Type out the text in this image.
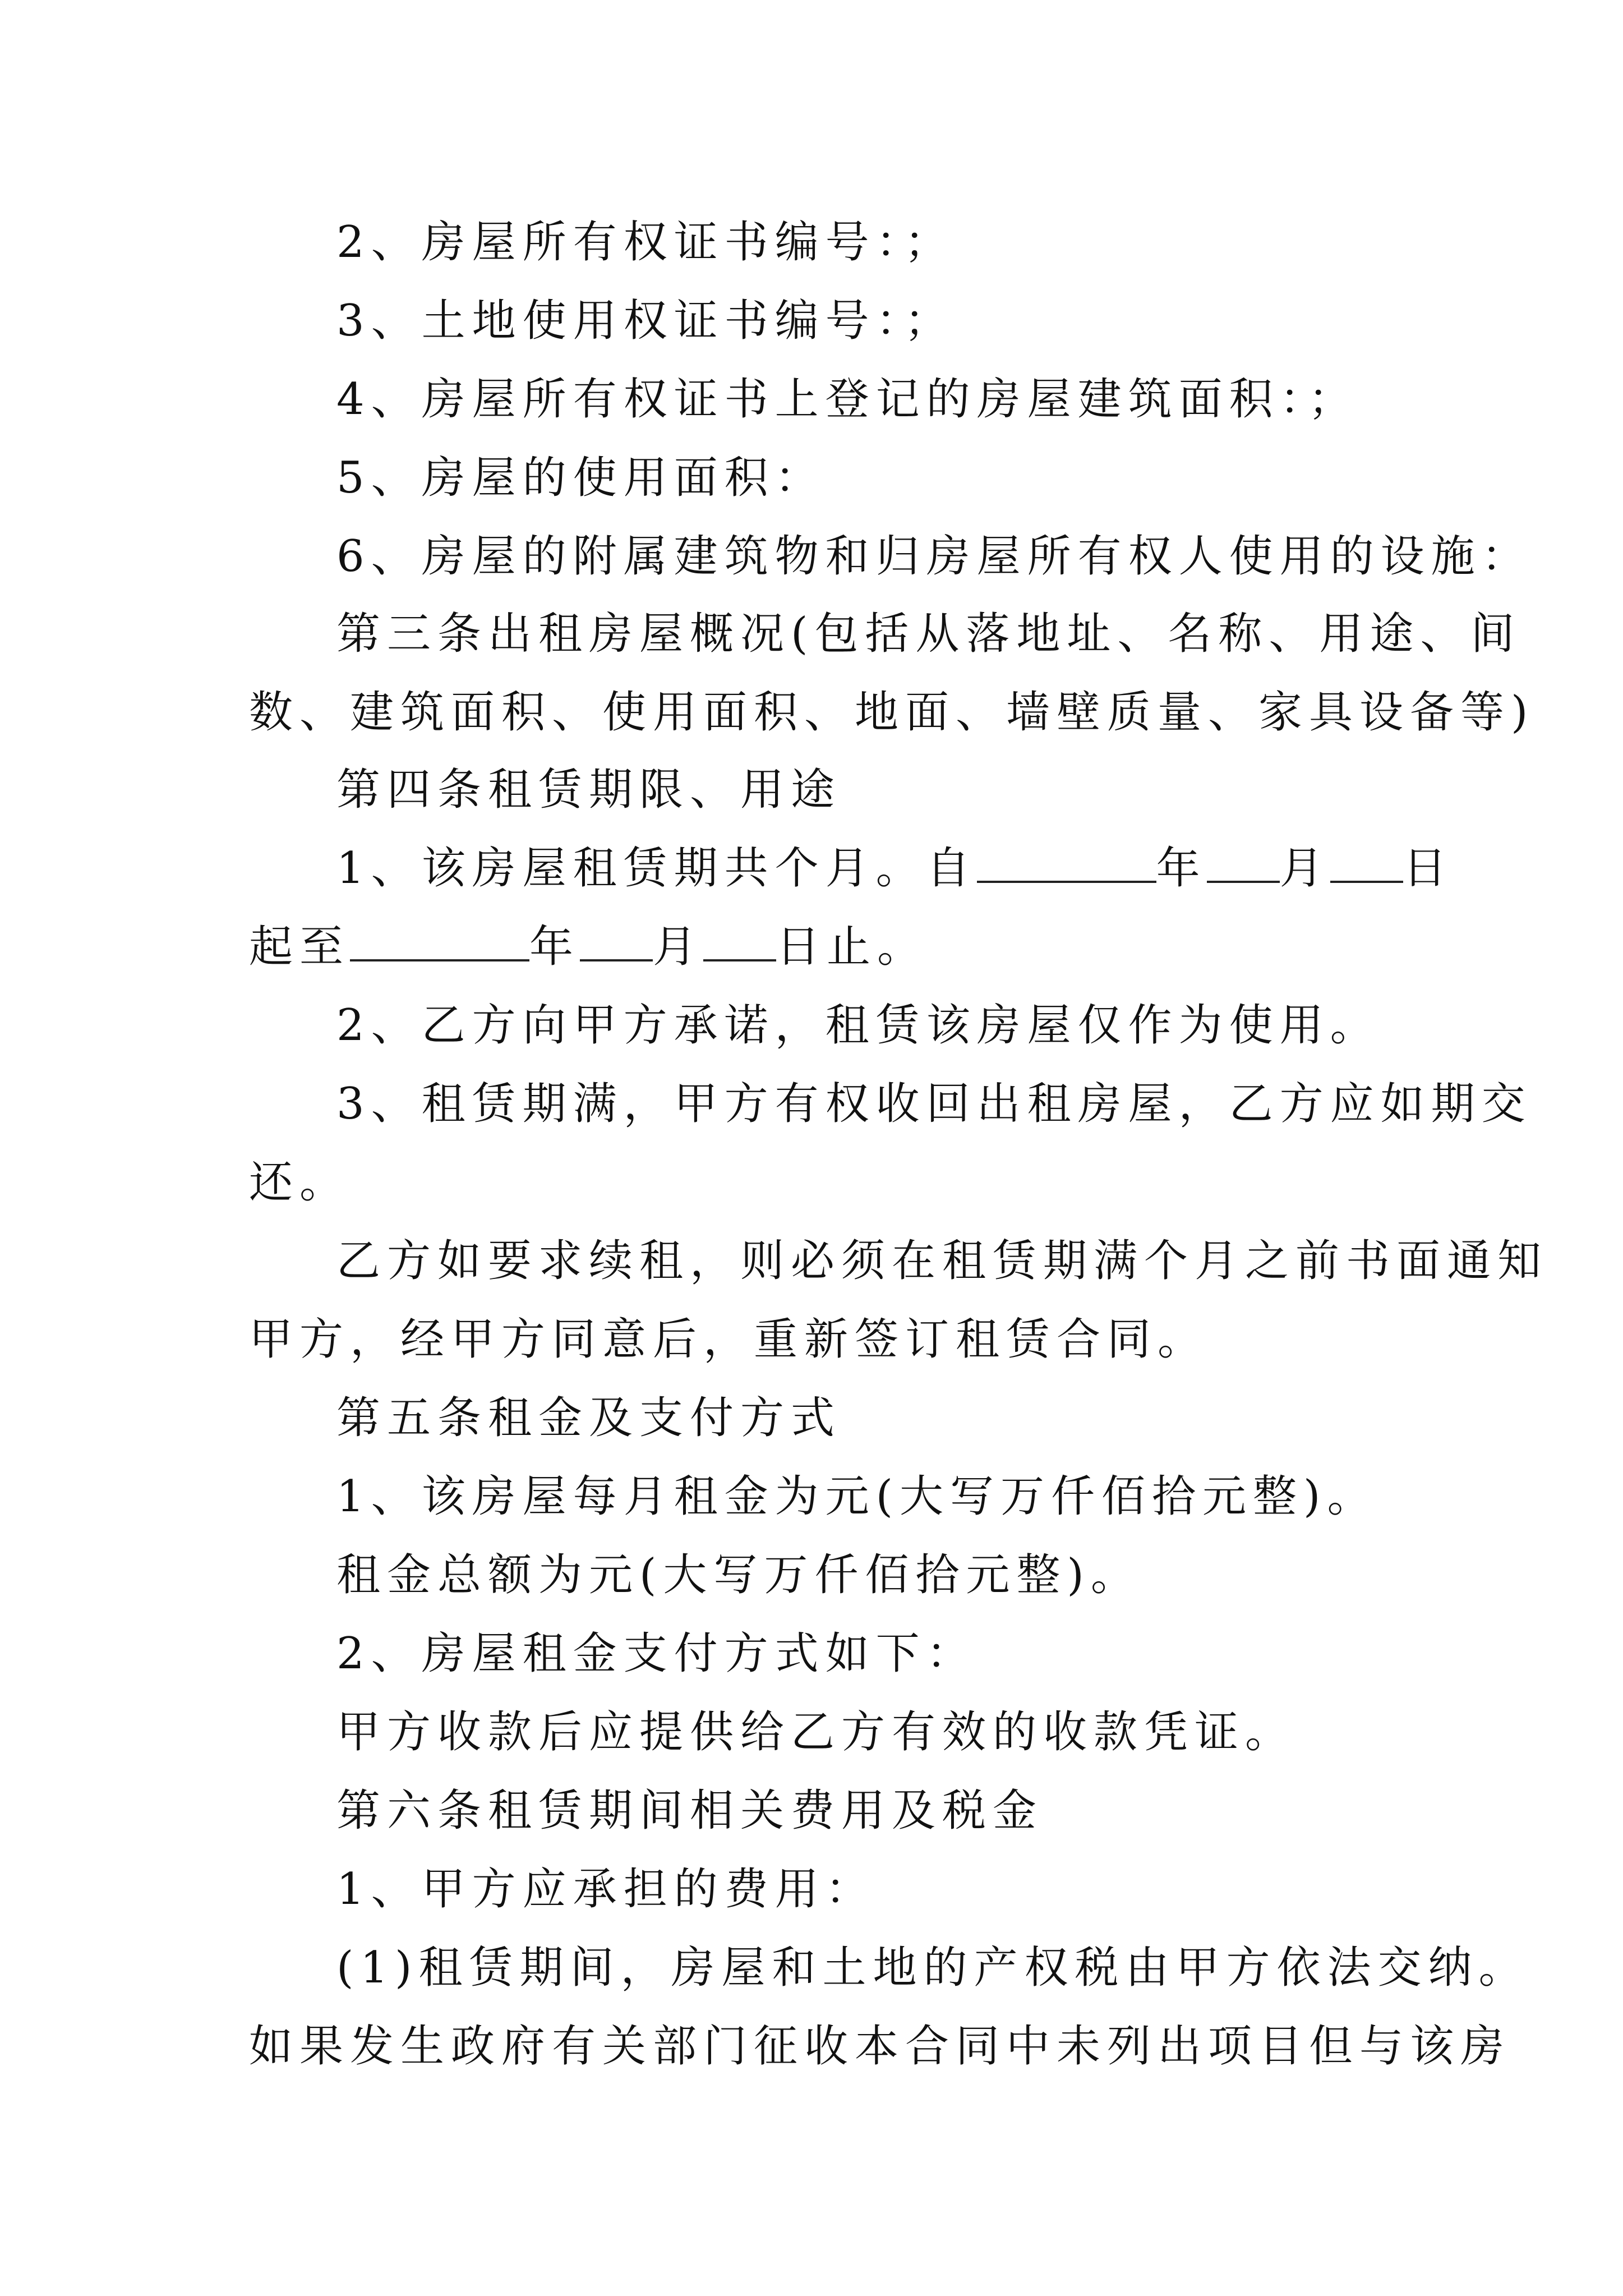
2、房屋所有权证书编号：；
3、土地使用权证书编号：；
4、房屋所有权证书上登记的房屋建筑面积：；
5、房屋的使用面积：
6、房屋的附属建筑物和归房屋所有权人使用的设施：
第三条出租房屋概况(包括从落地址、名称、用途、间
数、建筑面积、使用面积、地面、墙壁质量、家具设备等)
第四条租赁期限、用途
1、该房屋租赁期共个月。自	年 月 日
起至	年 月 日止。
2、乙方向甲方承诺，租赁该房屋仅作为使用。
3、租赁期满，甲方有权收回出租房屋，乙方应如期交
还。
乙方如要求续租，则必须在租赁期满个月之前书面通知
甲方，经甲方同意后，重新签订租赁合同。
第五条租金及支付方式
1、该房屋每月租金为元(大写万仟佰拾元整)。
租金总额为元(大写万仟佰拾元整)。
2、房屋租金支付方式如下：
甲方收款后应提供给乙方有效的收款凭证。
第六条租赁期间相关费用及税金
1、甲方应承担的费用：
(1)租赁期间，房屋和土地的产权税由甲方依法交纳。
如果发生政府有关部门征收本合同中未列出项目但与该房
